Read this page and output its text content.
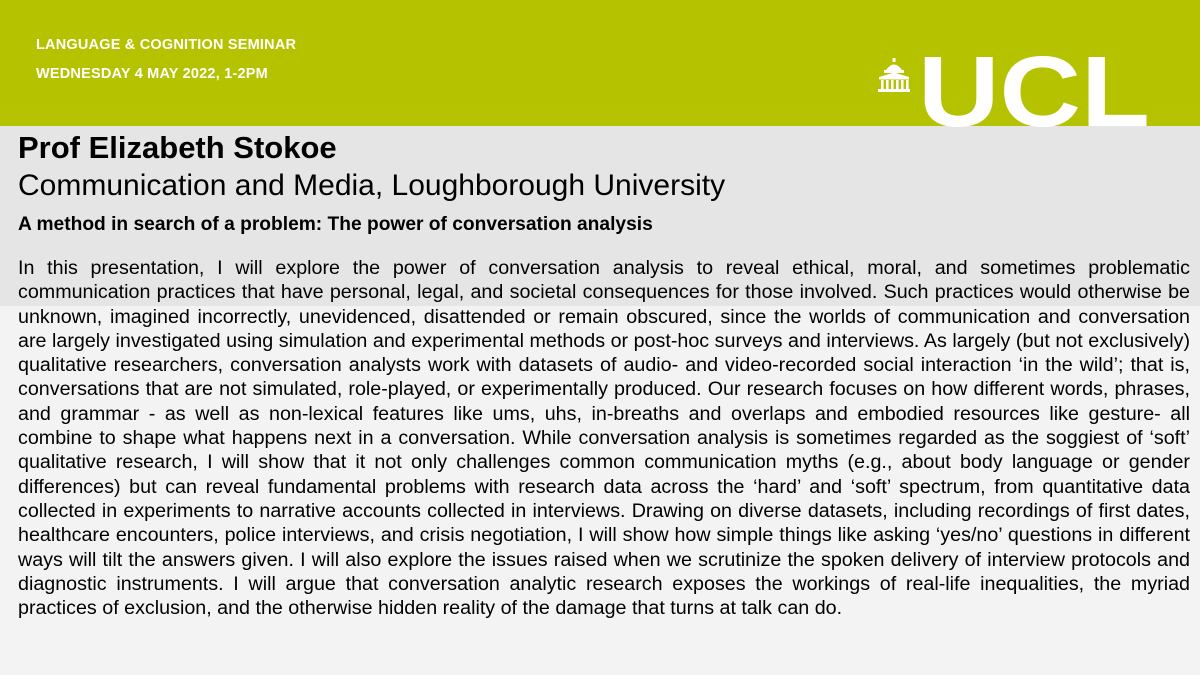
LANGUAGE & COGNITION SEMINAR
WEDNESDAY 4 MAY 2022, 1-2PM	UCL
Prof Elizabeth Stokoe
Communication and Media, Loughborough University
A method in search of a problem: The power of conversation analysis

In this presentation, I will explore the power of conversation analysis to reveal ethical, moral, and sometimes problematic communication practices that have personal, legal, and societal consequences for those involved. Such practices would otherwise be unknown, imagined incorrectly, unevidenced, disattended or remain obscured, since the worlds of communication and conversation are largely investigated using simulation and experimental methods or post-hoc surveys and interviews. As largely (but not exclusively) qualitative researchers, conversation analysts work with datasets of audio- and video-recorded social interaction ‘in the wild’; that is, conversations that are not simulated, role-played, or experimentally produced. Our research focuses on how different words, phrases, and grammar - as well as non-lexical features like ums, uhs, in-breaths and overlaps and embodied resources like gesture- all combine to shape what happens next in a conversation. While conversation analysis is sometimes regarded as the soggiest of ‘soft’ qualitative research, I will show that it not only challenges common communication myths (e.g., about body language or gender differences) but can reveal fundamental problems with research data across the ‘hard’ and ‘soft’ spectrum, from quantitative data collected in experiments to narrative accounts collected in interviews. Drawing on diverse datasets, including recordings of first dates, healthcare encounters, police interviews, and crisis negotiation, I will show how simple things like asking ‘yes/no’ questions in different ways will tilt the answers given. I will also explore the issues raised when we scrutinize the spoken delivery of interview protocols and diagnostic instruments. I will argue that conversation analytic research exposes the workings of real-life inequalities, the myriad practices of exclusion, and the otherwise hidden reality of the damage that turns at talk can do.
